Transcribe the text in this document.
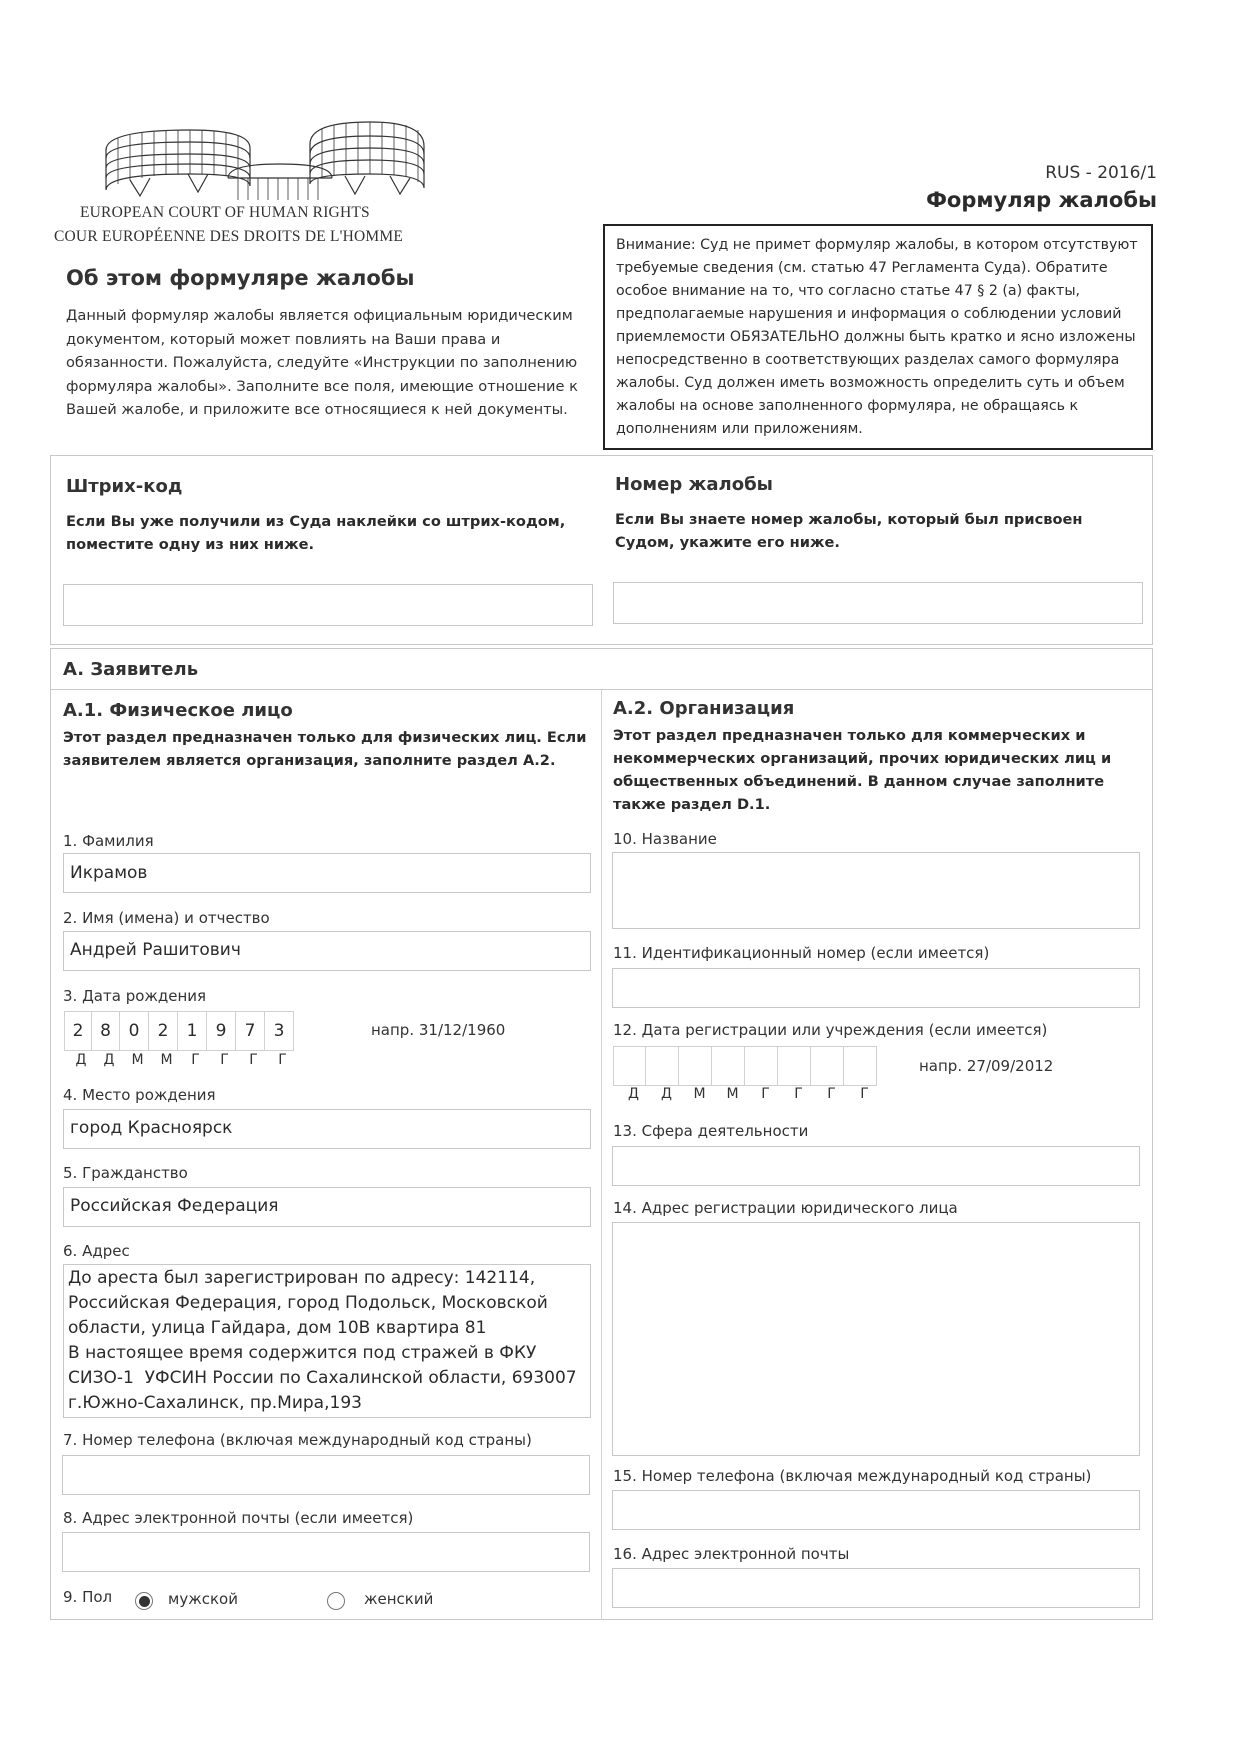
EUROPEAN COURT OF HUMAN RIGHTS
COUR EUROPÉENNE DES DROITS DE L'HOMME
RUS - 2016/1
Формуляр жалобы
Внимание: Суд не примет формуляр жалобы, в котором отсутствуют требуемые сведения (см. статью 47 Регламента Суда). Обратите особое внимание на то, что согласно статье 47 § 2 (а) факты, предполагаемые нарушения и информация о соблюдении условий приемлемости ОБЯЗАТЕЛЬНО должны быть кратко и ясно изложены непосредственно в соответствующих разделах самого формуляра жалобы. Суд должен иметь возможность определить суть и объем жалобы на основе заполненного формуляра, не обращаясь к дополнениям или приложениям.
Об этом формуляре жалобы
Данный формуляр жалобы является официальным юридическим документом, который может повлиять на Ваши права и обязанности. Пожалуйста, следуйте «Инструкции по заполнению формуляра жалобы». Заполните все поля, имеющие отношение к Вашей жалобе, и приложите все относящиеся к ней документы.
Штрих-код
Если Вы уже получили из Суда наклейки со штрих-кодом, поместите одну из них ниже.
Номер жалобы
Если Вы знаете номер жалобы, который был присвоен Судом, укажите его ниже.
A. Заявитель
А.1. Физическое лицо
Этот раздел предназначен только для физических лиц. Если заявителем является организация, заполните раздел А.2.
1. Фамилия
Икрамов
2. Имя (имена) и отчество
Андрей Рашитович
3. Дата рождения
2 8	0	2	1	9	7	3	напр. 31/12/1960
Д	Д	М	М	Г	Г	Г	Г
4. Место рождения
город Красноярск
5. Гражданство
Российская Федерация
6. Адрес
До ареста был зарегистрирован по адресу: 142114,
Российская Федерация, город Подольск, Московской
области, улица Гайдара, дом 10В квартира 81
В настоящее время содержится под стражей в ФКУ
СИЗО-1  УФСИН России по Сахалинской области, 693007
г.Южно-Сахалинск, пр.Мира,193
7. Номер телефона (включая международный код страны)
8. Адрес электронной почты (если имеется)
9. Пол	мужской	женский
А.2. Организация
Этот раздел предназначен только для коммерческих и некоммерческих организаций, прочих юридических лиц и общественных объединений. В данном случае заполните также раздел D.1.
10. Название
11. Идентификационный номер (если имеется)
12. Дата регистрации или учреждения (если имеется)
напр. 27/09/2012
Д	Д	М	М	Г	Г	Г	Г
13. Сфера деятельности
14. Адрес регистрации юридического лица
15. Номер телефона (включая международный код страны)
16. Адрес электронной почты
